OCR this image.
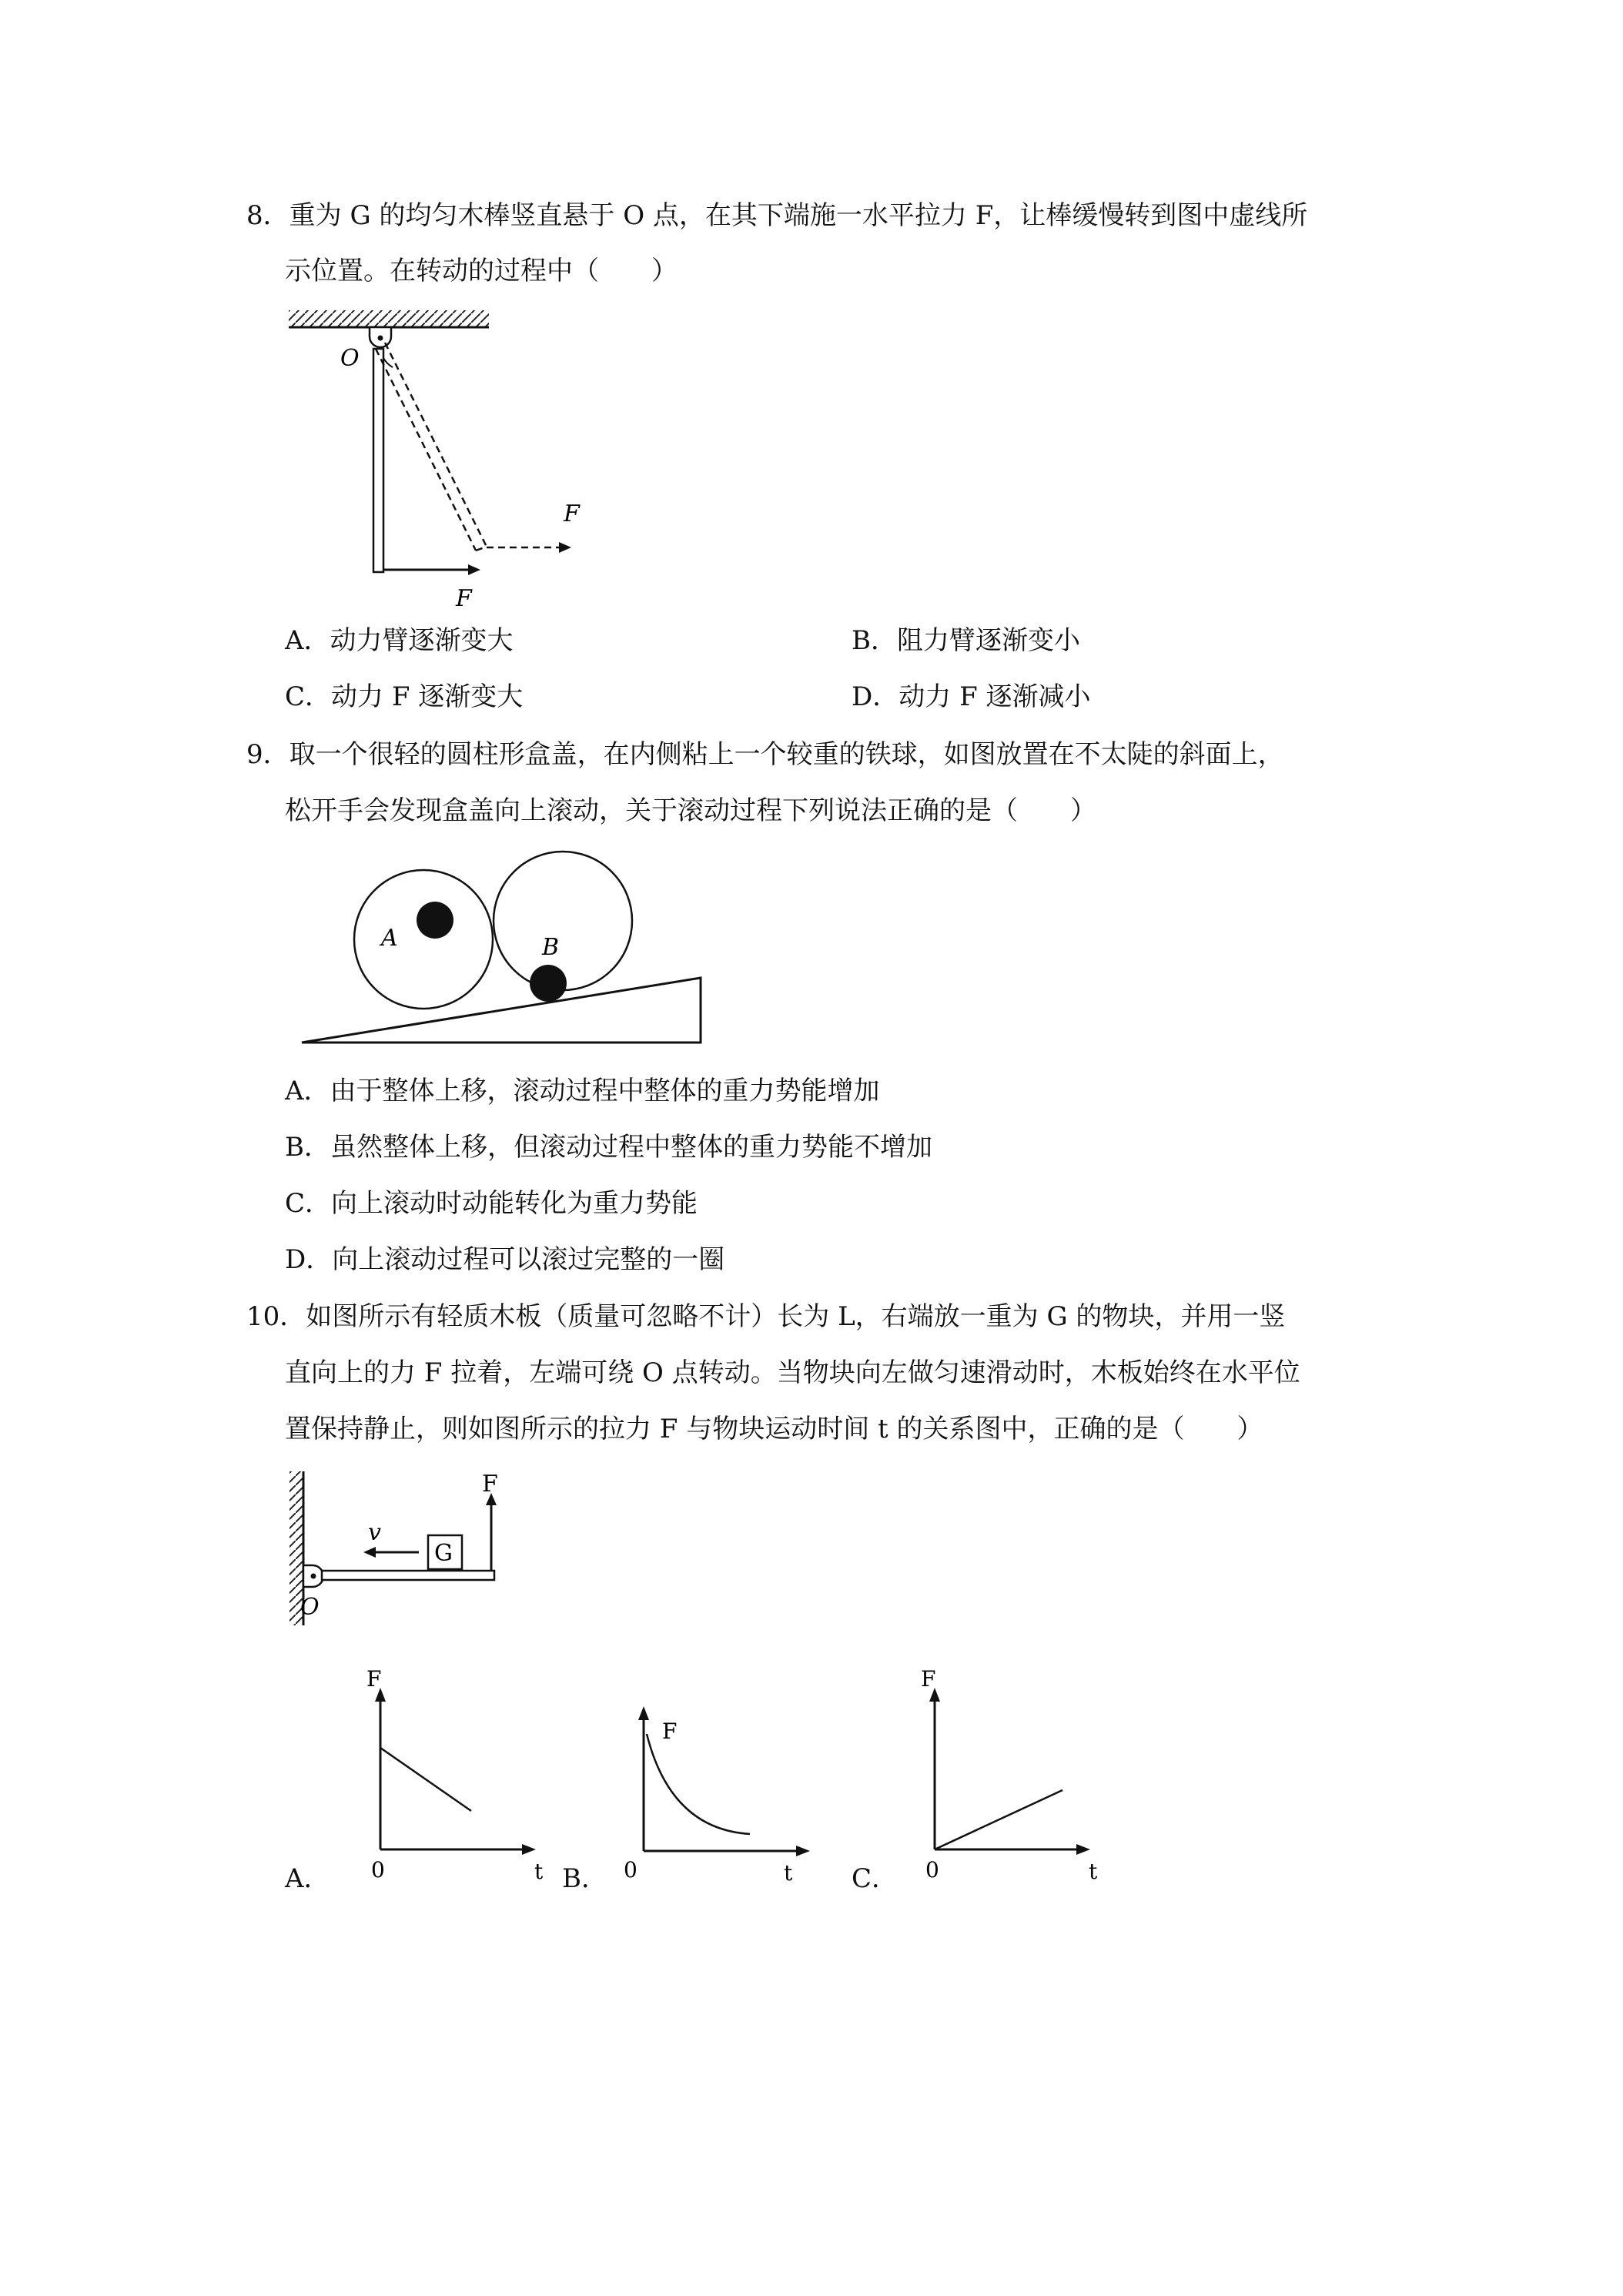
8．重为 G 的均匀木棒竖直悬于 O 点，在其下端施一水平拉力 F，让棒缓慢转到图中虚线所
示位置。在转动的过程中（　　）
O
F
F
A．动力臂逐渐变大	B．阻力臂逐渐变小
C．动力 F 逐渐变大	D．动力 F 逐渐减小
9．取一个很轻的圆柱形盒盖，在内侧粘上一个较重的铁球，如图放置在不太陡的斜面上，
松开手会发现盒盖向上滚动，关于滚动过程下列说法正确的是（　　）
A	B
A．由于整体上移，滚动过程中整体的重力势能增加
B．虽然整体上移，但滚动过程中整体的重力势能不增加
C．向上滚动时动能转化为重力势能
D．向上滚动过程可以滚过完整的一圈
10．如图所示有轻质木板（质量可忽略不计）长为 L，右端放一重为 G 的物块，并用一竖
直向上的力 F 拉着，左端可绕 O 点转动。当物块向左做匀速滑动时，木板始终在水平位
置保持静止，则如图所示的拉力 F 与物块运动时间 t 的关系图中，正确的是（　　）
O
G
v
F
A．
F
t
0	B．
F
t
0	C．
F
t
0
